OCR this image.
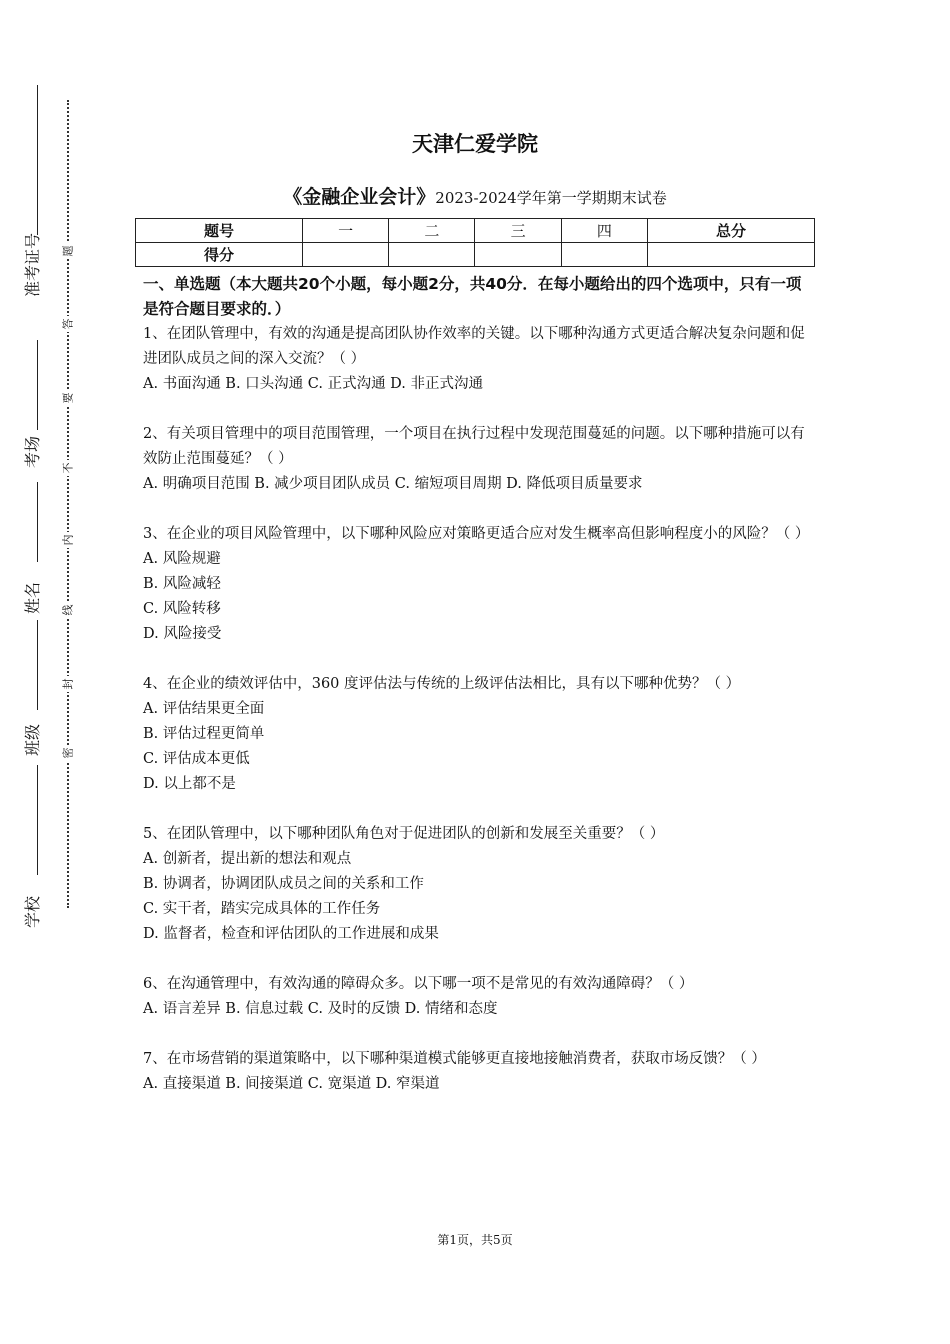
准考证号
考场
姓名
班级
学校
题
答
要
不
内
线
封
密
天津仁爱学院
《金融企业会计》2023-2024学年第一学期期末试卷
题号	一	二	三	四	总分
得分					
一、单选题（本大题共20个小题，每小题2分，共40分．在每小题给出的四个选项中，只有一项是符合题目要求的．）
1、在团队管理中，有效的沟通是提高团队协作效率的关键。以下哪种沟通方式更适合解决复杂问题和促进团队成员之间的深入交流？（ ）
A. 书面沟通 B. 口头沟通 C. 正式沟通 D. 非正式沟通
2、有关项目管理中的项目范围管理，一个项目在执行过程中发现范围蔓延的问题。以下哪种措施可以有效防止范围蔓延？（ ）
A. 明确项目范围 B. 减少项目团队成员 C. 缩短项目周期 D. 降低项目质量要求
3、在企业的项目风险管理中，以下哪种风险应对策略更适合应对发生概率高但影响程度小的风险？（ ）
A. 风险规避
B. 风险减轻
C. 风险转移
D. 风险接受
4、在企业的绩效评估中，360 度评估法与传统的上级评估法相比，具有以下哪种优势？（ ）
A. 评估结果更全面
B. 评估过程更简单
C. 评估成本更低
D. 以上都不是
5、在团队管理中，以下哪种团队角色对于促进团队的创新和发展至关重要？（ ）
A. 创新者，提出新的想法和观点
B. 协调者，协调团队成员之间的关系和工作
C. 实干者，踏实完成具体的工作任务
D. 监督者，检查和评估团队的工作进展和成果
6、在沟通管理中，有效沟通的障碍众多。以下哪一项不是常见的有效沟通障碍？（ ）
A. 语言差异 B. 信息过载 C. 及时的反馈 D. 情绪和态度
7、在市场营销的渠道策略中，以下哪种渠道模式能够更直接地接触消费者，获取市场反馈？（ ）
A. 直接渠道 B. 间接渠道 C. 宽渠道 D. 窄渠道
第1页，共5页
